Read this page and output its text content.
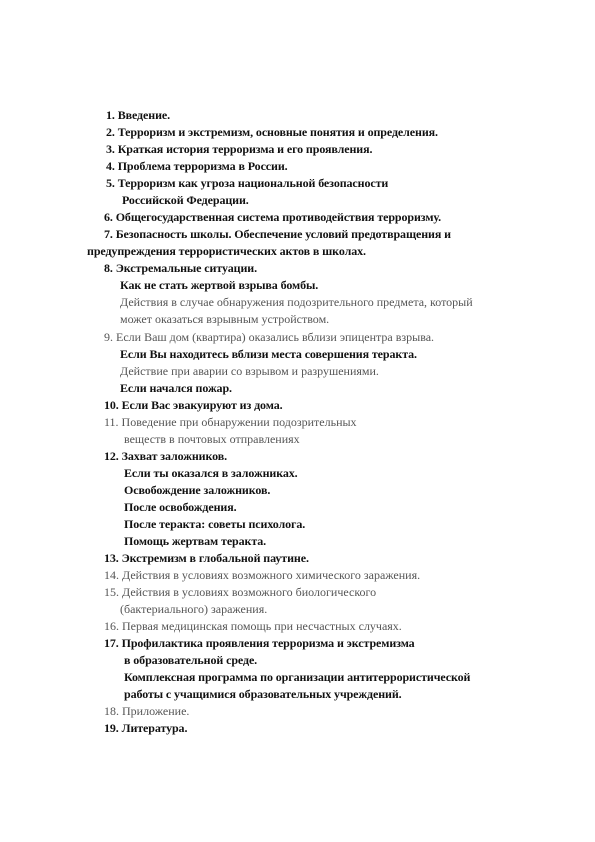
1. Введение.
2. Терроризм и экстремизм, основные понятия и определения.
3. Краткая история терроризма и его проявления.
4. Проблема терроризма в России.
5. Терроризм как угроза национальной безопасности
Российской Федерации.
6. Общегосударственная система противодействия терроризму.
7. Безопасность школы. Обеспечение условий предотвращения и
предупреждения террористических актов в школах.
8. Экстремальные ситуации.
Как не стать жертвой взрыва бомбы.
Действия в случае обнаружения подозрительного предмета, который
может оказаться взрывным устройством.
9. Если Ваш дом (квартира) оказались вблизи эпицентра взрыва.
Если Вы находитесь вблизи места совершения теракта.
Действие при аварии со взрывом и разрушениями.
Если начался пожар.
10. Если Вас эвакуируют из дома.
11. Поведение при обнаружении подозрительных
веществ в почтовых отправлениях
12. Захват заложников.
Если ты оказался в заложниках.
Освобождение заложников.
После освобождения.
После теракта: советы психолога.
Помощь жертвам теракта.
13. Экстремизм в глобальной паутине.
14. Действия в условиях возможного химического заражения.
15. Действия в условиях возможного биологического
(бактериального) заражения.
16. Первая медицинская помощь при несчастных случаях.
17. Профилактика проявления терроризма и экстремизма
в образовательной среде.
Комплексная программа по организации антитеррористической
работы с учащимися образовательных учреждений.
18. Приложение.
19. Литература.
